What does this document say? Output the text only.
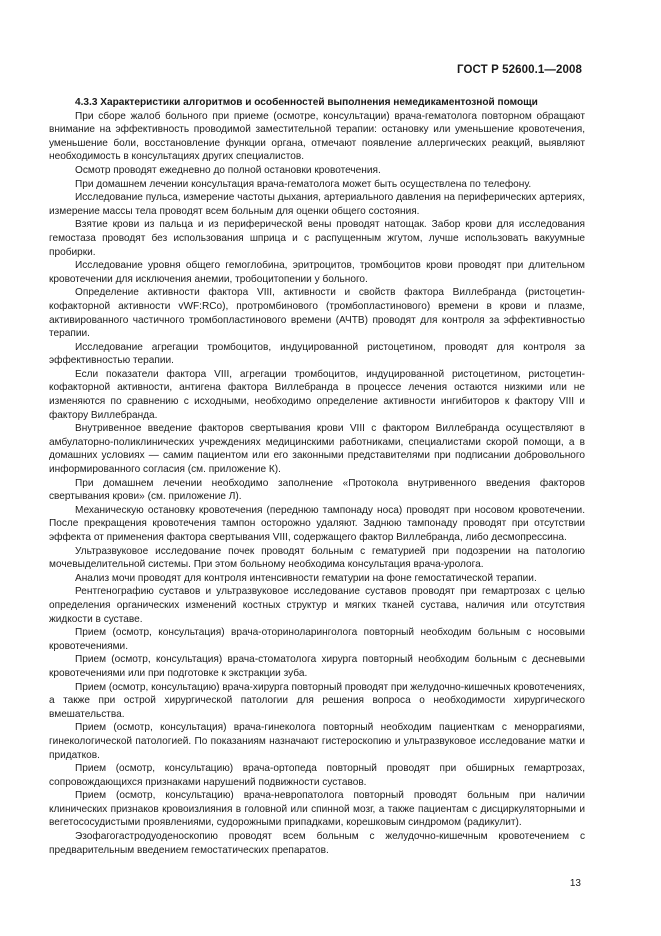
ГОСТ Р 52600.1—2008
4.3.3 Характеристики алгоритмов и особенностей выполнения немедикаментозной помощи

При сборе жалоб больного при приеме (осмотре, консультации) врача-гематолога повторном обращают внимание на эффективность проводимой заместительной терапии: остановку или уменьшение кровотечения, уменьшение боли, восстановление функции органа, отмечают появление аллергических реакций, выявляют необходимость в консультациях других специалистов.

Осмотр проводят ежедневно до полной остановки кровотечения.

При домашнем лечении консультация врача-гематолога может быть осуществлена по телефону.

Исследование пульса, измерение частоты дыхания, артериального давления на периферических артериях, измерение массы тела проводят всем больным для оценки общего состояния.

Взятие крови из пальца и из периферической вены проводят натощак. Забор крови для исследования гемостаза проводят без использования шприца и с распущенным жгутом, лучше использовать вакуумные пробирки.

Исследование уровня общего гемоглобина, эритроцитов, тромбоцитов крови проводят при длительном кровотечении для исключения анемии, тробоцитопении у больного.

Определение активности фактора VIII, активности и свойств фактора Виллебранда (ристоцетин-кофакторной активности vWF:RCo), протромбинового (тромбопластинового) времени в крови и плазме, активированного частичного тромбопластинового времени (АЧТВ) проводят для контроля за эффективностью терапии.

Исследование агрегации тромбоцитов, индуцированной ристоцетином, проводят для контроля за эффективностью терапии.

Если показатели фактора VIII, агрегации тромбоцитов, индуцированной ристоцетином, ристоцетин-кофакторной активности, антигена фактора Виллебранда в процессе лечения остаются низкими или не изменяются по сравнению с исходными, необходимо определение активности ингибиторов к фактору VIII и фактору Виллебранда.

Внутривенное введение факторов свертывания крови VIII с фактором Виллебранда осуществляют в амбулаторно-поликлинических учреждениях медицинскими работниками, специалистами скорой помощи, а в домашних условиях — самим пациентом или его законными представителями при подписании добровольного информированного согласия (см. приложение К).

При домашнем лечении необходимо заполнение «Протокола внутривенного введения факторов свертывания крови» (см. приложение Л).

Механическую остановку кровотечения (переднюю тампонаду носа) проводят при носовом кровотечении. После прекращения кровотечения тампон осторожно удаляют. Заднюю тампонаду проводят при отсутствии эффекта от применения фактора свертывания VIII, содержащего фактор Виллебранда, либо десмопрессина.

Ультразвуковое исследование почек проводят больным с гематурией при подозрении на патологию мочевыделительной системы. При этом больному необходима консультация врача-уролога.

Анализ мочи проводят для контроля интенсивности гематурии на фоне гемостатической терапии.

Рентгенографию суставов и ультразвуковое исследование суставов проводят при гемартрозах с целью определения органических изменений костных структур и мягких тканей сустава, наличия или отсутствия жидкости в суставе.

Прием (осмотр, консультация) врача-оториноларинголога повторный необходим больным с носовыми кровотечениями.

Прием (осмотр, консультация) врача-стоматолога хирурга повторный необходим больным с десневыми кровотечениями или при подготовке к экстракции зуба.

Прием (осмотр, консультацию) врача-хирурга повторный проводят при желудочно-кишечных кровотечениях, а также при острой хирургической патологии для решения вопроса о необходимости хирургического вмешательства.

Прием (осмотр, консультация) врача-гинеколога повторный необходим пациенткам с меноррагиями, гинекологической патологией. По показаниям назначают гистероскопию и ультразвуковое исследование матки и придатков.

Прием (осмотр, консультацию) врача-ортопеда повторный проводят при обширных гемартрозах, сопровождающихся признаками нарушений подвижности суставов.

Прием (осмотр, консультацию) врача-невропатолога повторный проводят больным при наличии клинических признаков кровоизлияния в головной или спинной мозг, а также пациентам с дисциркуляторными и вегетососудистыми проявлениями, судорожными припадками, корешковым синдромом (радикулит).

Эзофагогастродуоденоскопию проводят всем больным с желудочно-кишечным кровотечением с предварительным введением гемостатических препаратов.

13
